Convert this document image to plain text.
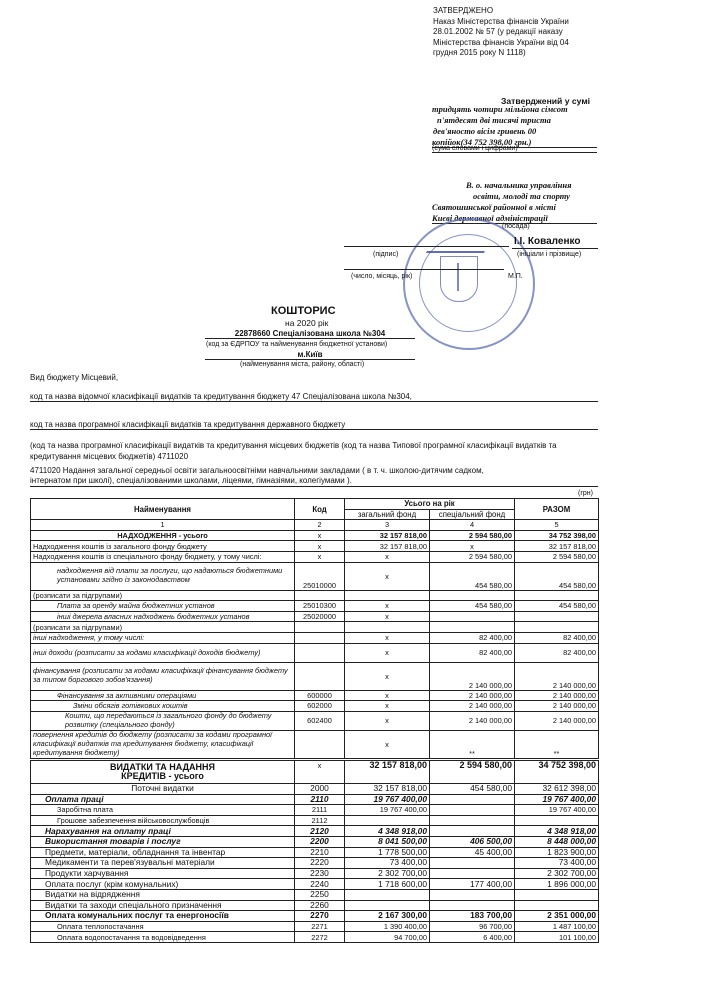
ЗАТВЕРДЖЕНО
Наказ Міністерства фінансів України
28.01.2002 № 57 (у редакції наказу
Міністерства фінансів України від 04
грудня 2015 року N 1118)
Затверджений у сумі
тридцять чотири мільйона сімсот
п'ятдесят дві тисячі триста
дев'яносто вісім гривень 00
копійок(34 752 398,00 грн.)
(сума словами і цифрами)
В. о. начальника управління
освіти, молоді та спорту
Святошинської районної в місті
Києві державної адміністрації
(посада)
І.І. Коваленко
(підпис)	(ініціали і прізвище)
(число, місяць, рік)	М.П.
КОШТОРИС
на 2020 рік
22878660 Спеціалізована школа №304
(код за ЄДРПОУ та найменування бюджетної установи)
м.Київ
(найменування міста, району, області)
Вид бюджету Місцевий,
код та назва відомчої класифікації видатків та кредитування бюджету 47 Спеціалізована школа №304,
код та назва програмної класифікації видатків та кредитування державного бюджету
(код та назва програмної класифікації видатків та кредитування місцевих бюджетів (код та назва Типової програмної класифікації видатків та кредитування місцевих бюджетів) 4711020
4711020 Надання загальної середньої освіти загальноосвітніми навчальними закладами ( в т. ч. школою-дитячим садком,
інтернатом при школі), спеціалізованими школами, ліцеями, гімназіями, колегіумами ).
(грн)
Найменування	Код	Усього на рік		РАЗОМ
		загальний фонд	спеціальний фонд	
1	2	3	4	5
НАДХОДЖЕННЯ - усього	х	32 157 818,00	2 594 580,00	34 752 398,00
Надходження коштів із загального фонду бюджету	х	32 157 818,00	х	32 157 818,00
Надходження коштів із спеціального фонду бюджету, у тому числі:	х	х	2 594 580,00	2 594 580,00
надходження від плати за послуги, що надаються бюджетними установами згідно із законодавством	25010000	х	454 580,00	454 580,00
(розписати за підгрупами)				
Плата за оренду майна бюджетних установ	25010300	х	454 580,00	454 580,00
інші джерела власних надходжень бюджетних установ	25020000	х		
(розписати за підгрупами)				
інші надходження, у тому числі:		х	82 400,00	82 400,00
інші доходи (розписати за кодами класифікації доходів бюджету)		х	82 400,00	82 400,00
фінансування (розписати за кодами класифікації фінансування бюджету за типом боргового зобов'язання)		х	2 140 000,00	2 140 000,00
Фінансування за активними операціями	600000	х	2 140 000,00	2 140 000,00
Зміни обсягів готівкових коштів	602000	х	2 140 000,00	2 140 000,00
Кошти, що передаються із загального фонду до бюджету розвитку (спеціального фонду)	602400	х	2 140 000,00	2 140 000,00
повернення кредитів до бюджету (розписати за кодами програмної класифікації видатків та кредитування бюджету, класифікації кредитування бюджету)		х	**	**
ВИДАТКИ ТА НАДАННЯ КРЕДИТІВ - усього	х	32 157 818,00	2 594 580,00	34 752 398,00
Поточні видатки	2000	32 157 818,00	454 580,00	32 612 398,00
Оплата праці	2110	19 767 400,00		19 767 400,00
Заробітна плата	2111	19 767 400,00		19 767 400,00
Грошове забезпечення військовослужбовців	2112			
Нарахування на оплату праці	2120	4 348 918,00		4 348 918,00
Використання товарів і послуг	2200	8 041 500,00	406 500,00	8 448 000,00
Предмети, матеріали, обладнання та інвентар	2210	1 778 500,00	45 400,00	1 823 900,00
Медикаменти та перев'язувальні матеріали	2220	73 400,00		73 400,00
Продукти харчування	2230	2 302 700,00		2 302 700,00
Оплата послуг (крім комунальних)	2240	1 718 600,00	177 400,00	1 896 000,00
Видатки на відрядження	2250			
Видатки та заходи спеціального призначення	2260			
Оплата комунальних послуг та енергоносіїв	2270	2 167 300,00	183 700,00	2 351 000,00
Оплата теплопостачання	2271	1 390 400,00	96 700,00	1 487 100,00
Оплата водопостачання та водовідведення	2272	94 700,00	6 400,00	101 100,00
